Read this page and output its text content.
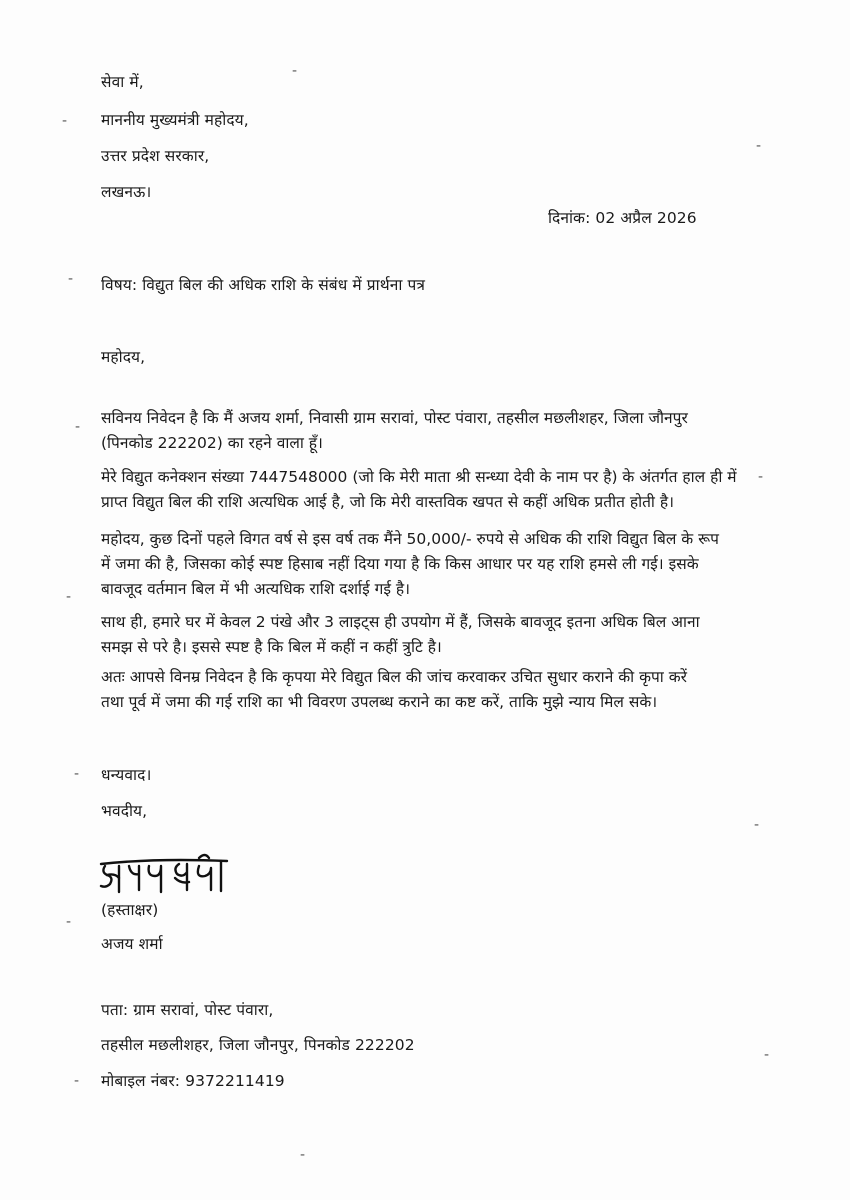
-
-
-
-
-
-
-
-
-
-
-
-
-
सेवा में,
माननीय मुख्यमंत्री महोदय,
उत्तर प्रदेश सरकार,
लखनऊ।
दिनांक: 02 अप्रैल 2026
विषय: विद्युत बिल की अधिक राशि के संबंध में प्रार्थना पत्र
महोदय,
सविनय निवेदन है कि मैं अजय शर्मा, निवासी ग्राम सरावां, पोस्ट पंवारा, तहसील मछलीशहर, जिला जौनपुर
(पिनकोड 222202) का रहने वाला हूँ।
मेरे विद्युत कनेक्शन संख्या 7447548000 (जो कि मेरी माता श्री सन्ध्या देवी के नाम पर है) के अंतर्गत हाल ही में
प्राप्त विद्युत बिल की राशि अत्यधिक आई है, जो कि मेरी वास्तविक खपत से कहीं अधिक प्रतीत होती है।
महोदय, कुछ दिनों पहले विगत वर्ष से इस वर्ष तक मैंने 50,000/- रुपये से अधिक की राशि विद्युत बिल के रूप
में जमा की है, जिसका कोई स्पष्ट हिसाब नहीं दिया गया है कि किस आधार पर यह राशि हमसे ली गई। इसके
बावजूद वर्तमान बिल में भी अत्यधिक राशि दर्शाई गई है।
साथ ही, हमारे घर में केवल 2 पंखे और 3 लाइट्स ही उपयोग में हैं, जिसके बावजूद इतना अधिक बिल आना
समझ से परे है। इससे स्पष्ट है कि बिल में कहीं न कहीं त्रुटि है।
अतः आपसे विनम्र निवेदन है कि कृपया मेरे विद्युत बिल की जांच करवाकर उचित सुधार कराने की कृपा करें
तथा पूर्व में जमा की गई राशि का भी विवरण उपलब्ध कराने का कष्ट करें, ताकि मुझे न्याय मिल सके।
धन्यवाद।
भवदीय,
(हस्ताक्षर)
अजय शर्मा
पता: ग्राम सरावां, पोस्ट पंवारा,
तहसील मछलीशहर, जिला जौनपुर, पिनकोड 222202
मोबाइल नंबर: 9372211419
